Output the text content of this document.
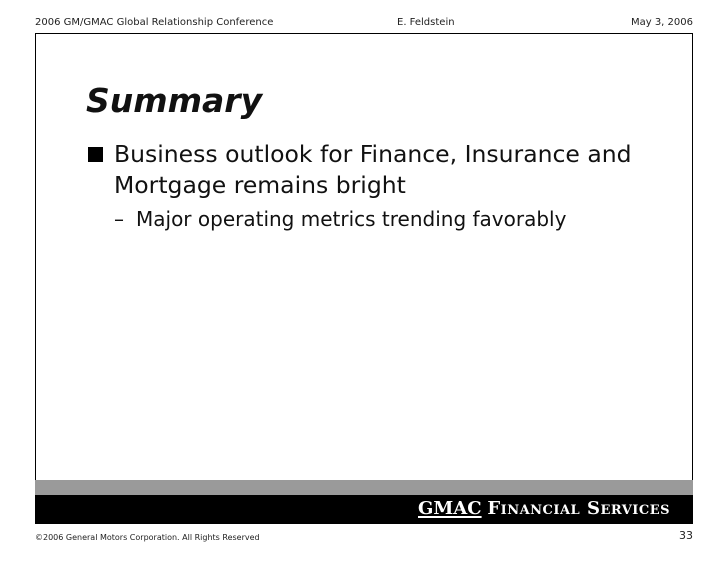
2006 GM/GMAC Global Relationship Conference	E. Feldstein	May 3, 2006
Summary
Business outlook for Finance, Insurance and
Mortgage remains bright
– Major operating metrics trending favorably
GMAC Financial Services
©2006 General Motors Corporation. All Rights Reserved	33
